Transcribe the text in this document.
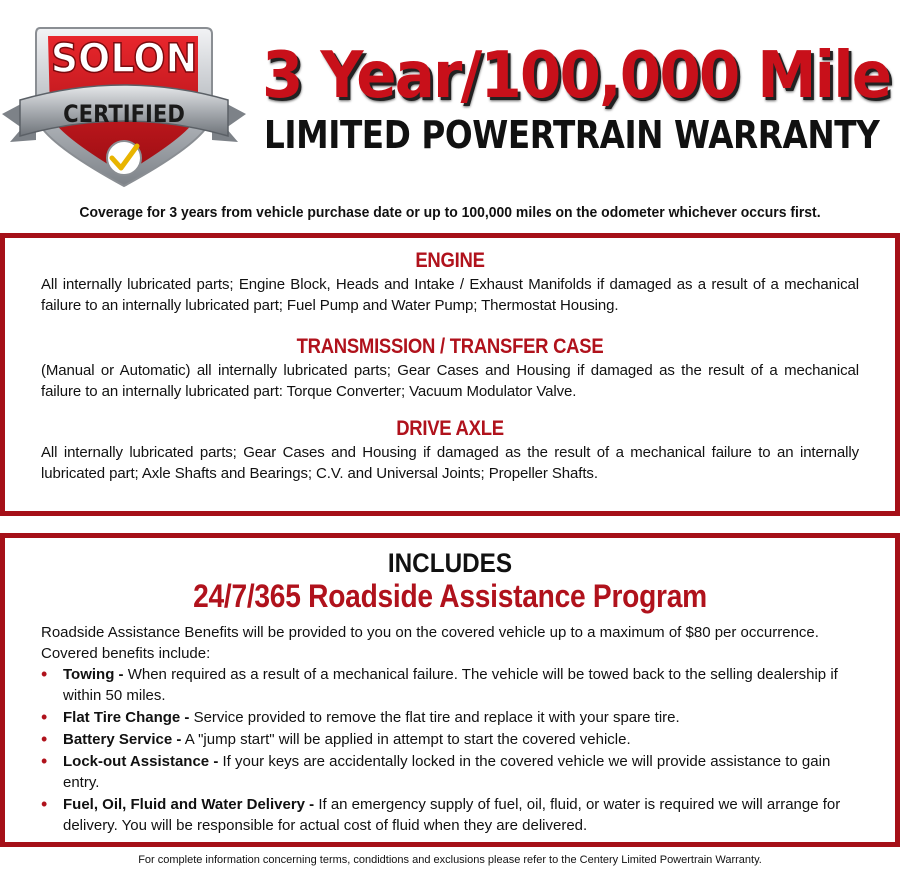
SOLON
CERTIFIED
3 Year/100,000 Mile
LIMITED POWERTRAIN WARRANTY
Coverage for 3 years from vehicle purchase date or up to 100,000 miles on the odometer whichever occurs first.
ENGINE
All internally lubricated parts; Engine Block, Heads and Intake / Exhaust Manifolds if damaged as a result of a mechanical failure to an internally lubricated part; Fuel Pump and Water Pump; Thermostat Housing.
TRANSMISSION / TRANSFER CASE
(Manual or Automatic) all internally lubricated parts; Gear Cases and Housing if damaged as the result of a mechanical failure to an internally lubricated part: Torque Converter; Vacuum Modulator Valve.
DRIVE AXLE
All internally lubricated parts; Gear Cases and Housing if damaged as the result of a mechanical failure to an internally lubricated part; Axle Shafts and Bearings; C.V. and Universal Joints; Propeller Shafts.
INCLUDES
24/7/365 Roadside Assistance Program
Roadside Assistance Benefits will be provided to you on the covered vehicle up to a maximum of $80 per occurrence. Covered benefits include:
• Towing - When required as a result of a mechanical failure. The vehicle will be towed back to the selling dealership if within 50 miles.
• Flat Tire Change - Service provided to remove the flat tire and replace it with your spare tire.
• Battery Service - A "jump start" will be applied in attempt to start the covered vehicle.
• Lock-out Assistance - If your keys are accidentally locked in the covered vehicle we will provide assistance to gain entry.
• Fuel, Oil, Fluid and Water Delivery - If an emergency supply of fuel, oil, fluid, or water is required we will arrange for delivery. You will be responsible for actual cost of fluid when they are delivered.
For complete information concerning terms, condidtions and exclusions please refer to the Centery Limited Powertrain Warranty.
